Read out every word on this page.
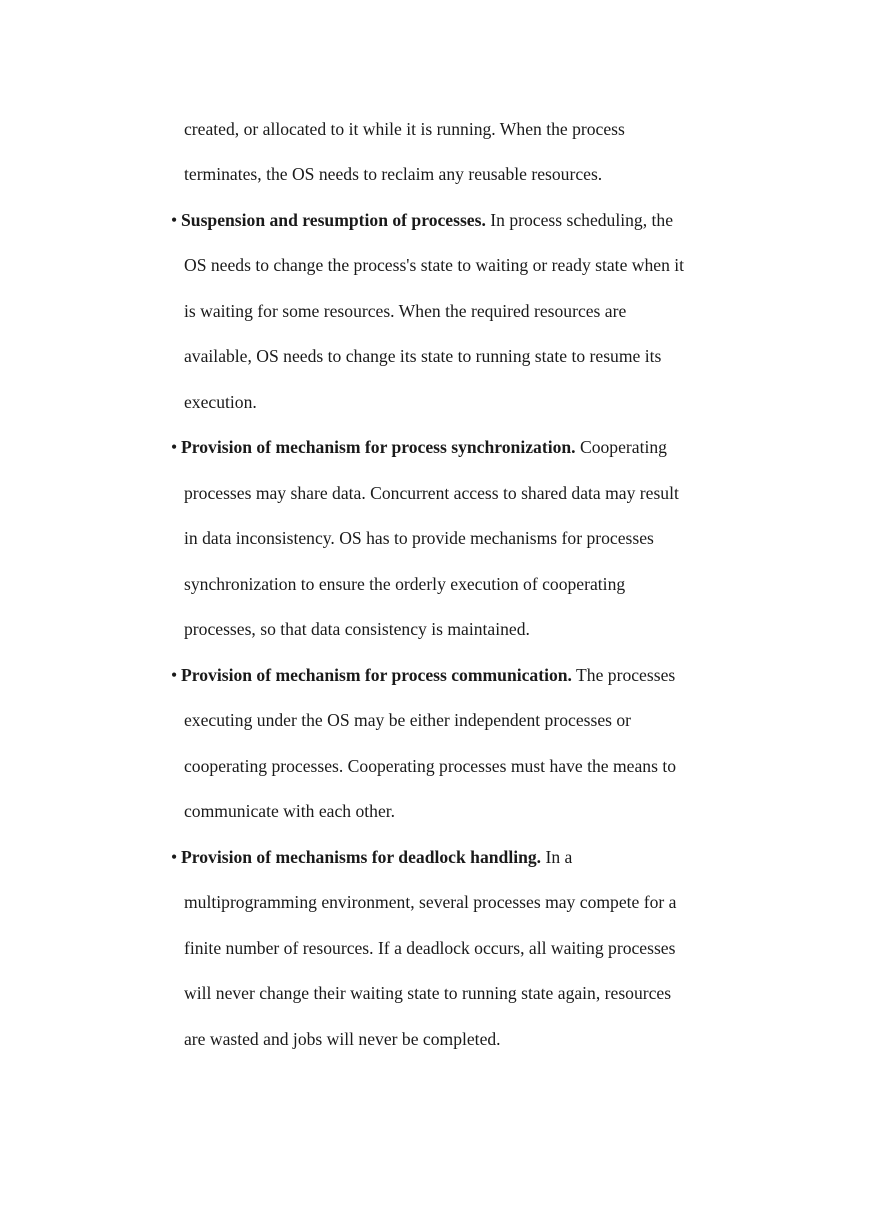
created, or allocated to it while it is running. When the process
terminates, the OS needs to reclaim any reusable resources.
• Suspension and resumption of processes. In process scheduling, the
OS needs to change the process's state to waiting or ready state when it
is waiting for some resources. When the required resources are
available, OS needs to change its state to running state to resume its
execution.
• Provision of mechanism for process synchronization. Cooperating
processes may share data. Concurrent access to shared data may result
in data inconsistency. OS has to provide mechanisms for processes
synchronization to ensure the orderly execution of cooperating
processes, so that data consistency is maintained.
• Provision of mechanism for process communication. The processes
executing under the OS may be either independent processes or
cooperating processes. Cooperating processes must have the means to
communicate with each other.
• Provision of mechanisms for deadlock handling. In a
multiprogramming environment, several processes may compete for a
finite number of resources. If a deadlock occurs, all waiting processes
will never change their waiting state to running state again, resources
are wasted and jobs will never be completed.
